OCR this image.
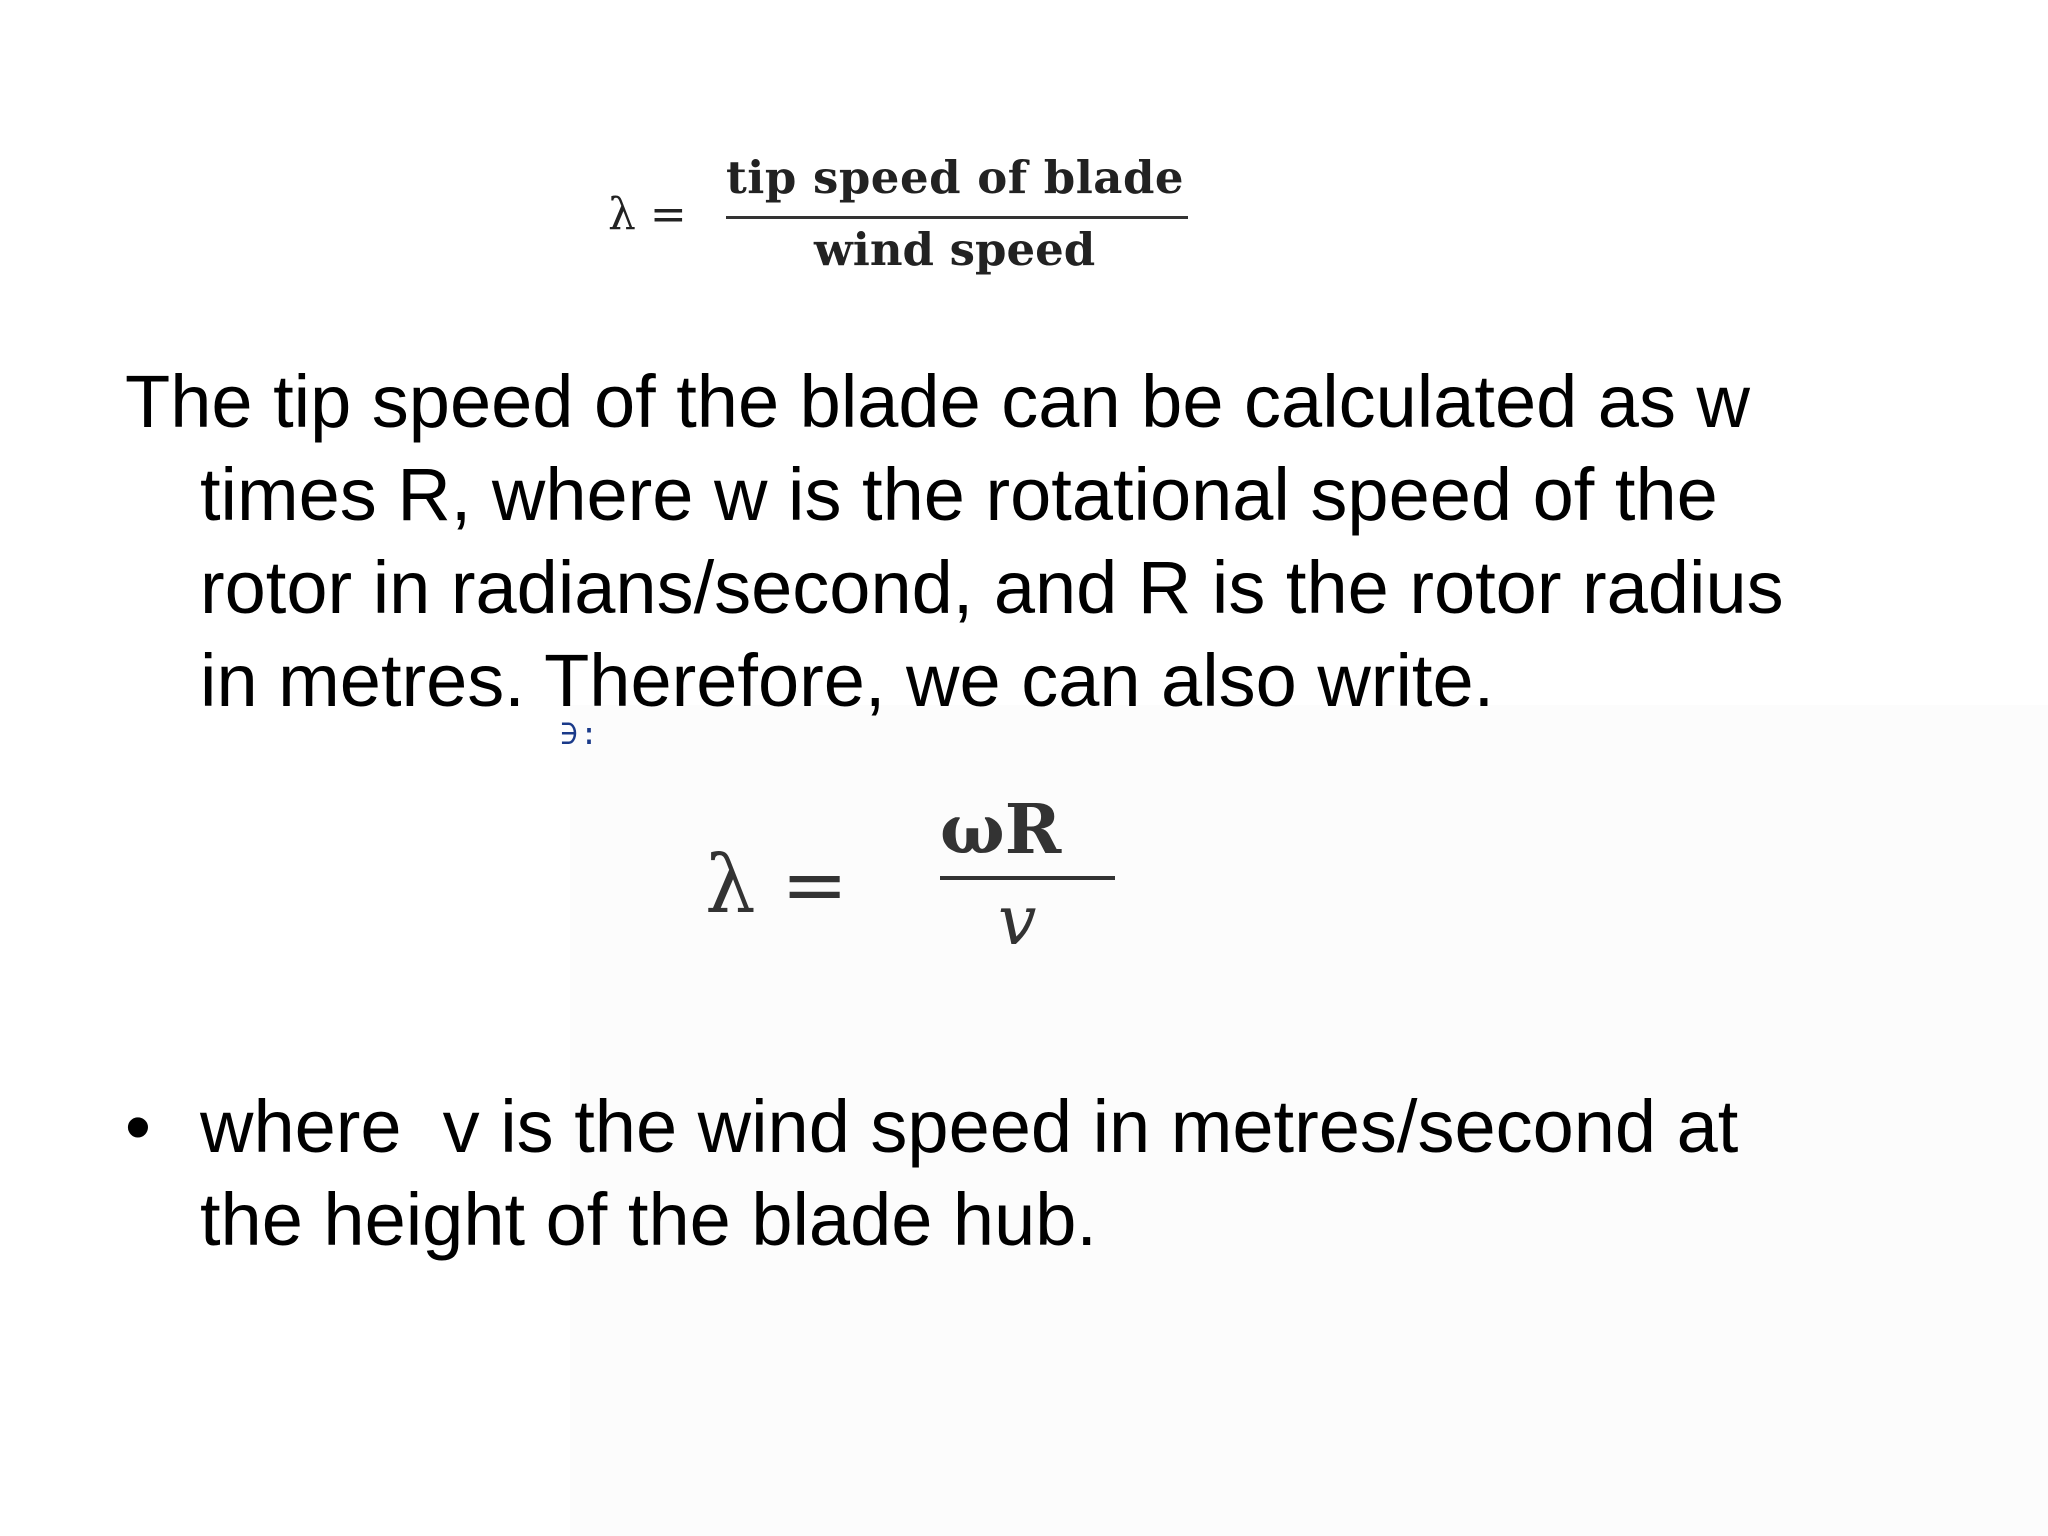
λ =
tip speed of blade
wind speed
The tip speed of the blade can be calculated as w
times R, where w is the rotational speed of the
rotor in radians/second, and R is the rotor radius
in metres. Therefore, we can also write.
∋:
λ =
ωR
v
• where  v is the wind speed in metres/second at
the height of the blade hub.
